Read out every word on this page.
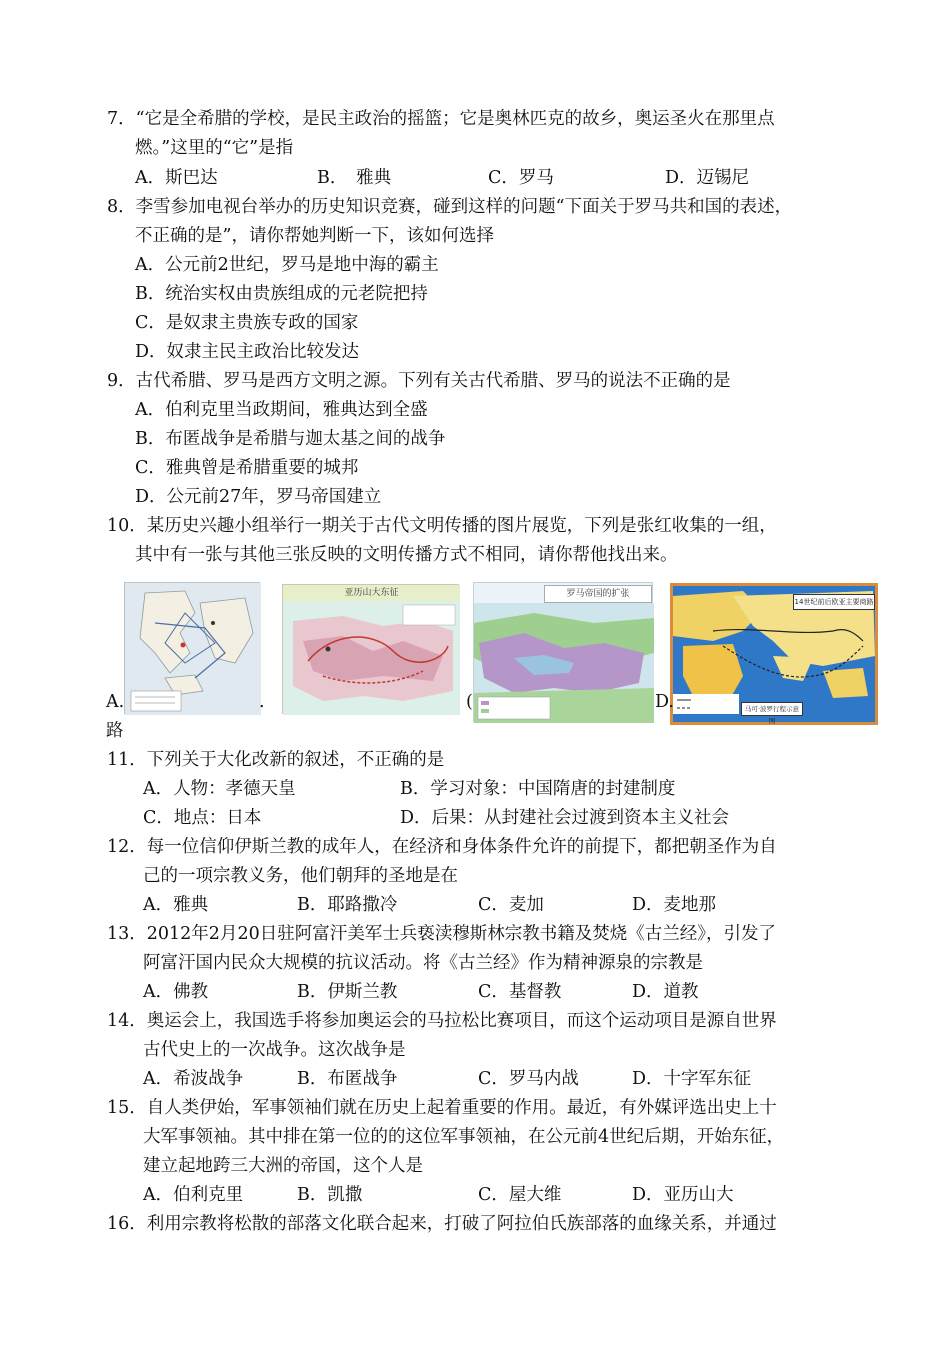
7．“它是全希腊的学校，是民主政治的摇篮；它是奥林匹克的故乡，奥运圣火在那里点
燃。”这里的“它”是指
A．斯巴达	B．　雅典	C．罗马	D．迈锡尼
8．李雪参加电视台举办的历史知识竞赛，碰到这样的问题“下面关于罗马共和国的表述，
不正确的是”，请你帮她判断一下，该如何选择
A．公元前2世纪，罗马是地中海的霸主
B．统治实权由贵族组成的元老院把持
C．是奴隶主贵族专政的国家
D．奴隶主民主政治比较发达
9．古代希腊、罗马是西方文明之源。下列有关古代希腊、罗马的说法不正确的是
A．伯利克里当政期间，雅典达到全盛
B．布匿战争是希腊与迦太基之间的战争
C．雅典曾是希腊重要的城邦
D．公元前27年，罗马帝国建立
10．某历史兴趣小组举行一期关于古代文明传播的图片展览，下列是张红收集的一组，
其中有一张与其他三张反映的文明传播方式不相同，请你帮他找出来。
A.	.
亚历山大东征	罗马帝国的扩张
(
14世纪前后欧亚主要商路
马可·波罗行程示意图
D.
路
11．下列关于大化改新的叙述，不正确的是
A．人物：孝德天皇	B．学习对象：中国隋唐的封建制度
C．地点：日本	D．后果：从封建社会过渡到资本主义社会
12．每一位信仰伊斯兰教的成年人，在经济和身体条件允许的前提下，都把朝圣作为自
己的一项宗教义务，他们朝拜的圣地是在
A．雅典	B．耶路撒冷	C．麦加	D．麦地那
13．2012年2月20日驻阿富汗美军士兵亵渎穆斯林宗教书籍及焚烧《古兰经》，引发了
阿富汗国内民众大规模的抗议活动。将《古兰经》作为精神源泉的宗教是
A．佛教	B．伊斯兰教	C．基督教	D．道教
14．奥运会上，我国选手将参加奥运会的马拉松比赛项目，而这个运动项目是源自世界
古代史上的一次战争。这次战争是
A．希波战争	B．布匿战争	C．罗马内战	D．十字军东征
15．自人类伊始，军事领袖们就在历史上起着重要的作用。最近，有外媒评选出史上十
大军事领袖。其中排在第一位的的这位军事领袖，在公元前4世纪后期，开始东征，
建立起地跨三大洲的帝国，这个人是
A．伯利克里	B．凯撒	C．屋大维	D．亚历山大
16．利用宗教将松散的部落文化联合起来，打破了阿拉伯氏族部落的血缘关系，并通过
